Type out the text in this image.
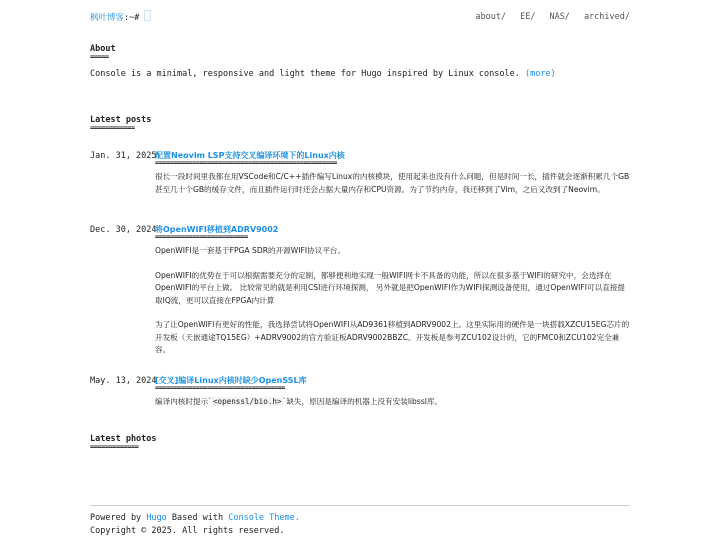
枫叶博客:~#	about/ EE/ NAS/ archived/
About
=====

Console is a minimal, responsive and light theme for Hugo inspired by Linux console. (more)

Latest posts
============
Jan. 31, 2025
配置Neovim LSP支持交叉编译环境下的Linux内核
=================================================

很长一段时间里我都在用VSCode和C/C++插件编写Linux的内核模块，使用起来也没有什么问题，但是时间一长，插件就会逐渐积累几个GB甚至几十个GB的缓存文件，而且插件运行时还会占据大量内存和CPU资源。为了节约内存，我还移到了Vim，之后又改到了Neovim。

Dec. 30, 2024
将OpenWIFI移植到ADRV9002
=========================

OpenWIFI是一套基于FPGA SDR的开源WIFI协议平台。

OpenWIFI的优势在于可以根据需要充分的定制，都够便利地实现一般WIFI网卡不具备的功能，所以在很多基于WIFI的研究中，会选择在OpenWIFI的平台上做。 比较常见的就是利用CSI进行环境探测， 另外就是把OpenWIFI作为WIFI探测设备使用，通过OpenWIFI可以直接提取IQ流，更可以直接在FPGA内计算

为了让OpenWIFI有更好的性能，我选择尝试将OpenWIFI从AD9361移植到ADRV9002上。这里实际用的硬件是一块搭载XZCU15EG芯片的开发板（天嵌通途TQ15EG）+ADRV9002的官方验证板ADRV9002BBZC。开发板是参考ZCU102设计的，它的FMC0和ZCU102完全兼容。

May. 13, 2024
[交叉]编译Linux内核时缺少OpenSSL库
===================================

编译内核时提示`<openssl/bio.h>`缺失，原因是编译的机器上没有安装libssl库。

Latest photos
=============
Powered by Hugo Based with Console Theme.
Copyright © 2025. All rights reserved.
